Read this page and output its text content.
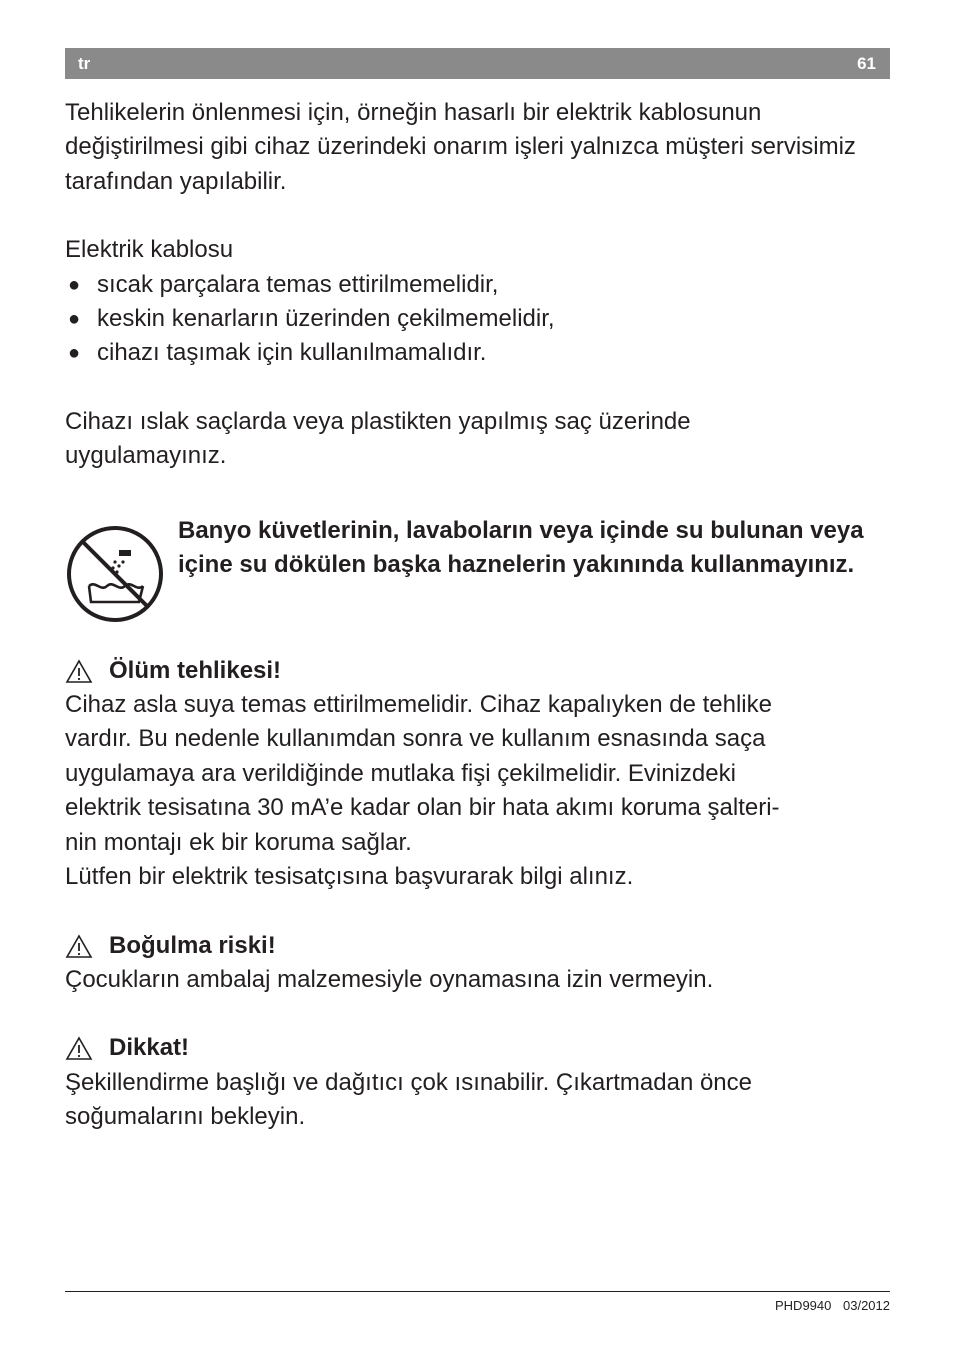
tr	61

Tehlikelerin önlenmesi için, örneğin hasarlı bir elektrik kablosunun değiştirilmesi gibi cihaz üzerindeki onarım işleri yalnızca müşteri servisimiz tarafından yapılabilir.

Elektrik kablosu

● sıcak parçalara temas ettirilmemelidir,
● keskin kenarların üzerinden çekilmemelidir,
● cihazı taşımak için kullanılmamalıdır.

Cihazı ıslak saçlarda veya plastikten yapılmış saç üzerinde uygulamayınız.

Banyo küvetlerinin, lavaboların veya içinde su bulunan veya içine su dökülen başka haznelerin yakınında kullanmayınız.
Ölüm tehlikesi!

Cihaz asla suya temas ettirilmemelidir. Cihaz kapalıyken de tehlike

vardır. Bu nedenle kullanımdan sonra ve kullanım esnasında saça

uygulamaya ara verildiğinde mutlaka fişi çekilmelidir. Evinizdeki

elektrik tesisatına 30 mA’e kadar olan bir hata akımı koruma şalteri-

nin montajı ek bir koruma sağlar.

Lütfen bir elektrik tesisatçısına başvurarak bilgi alınız.

Boğulma riski!

Çocukların ambalaj malzemesiyle oynamasına izin vermeyin.

Dikkat!

Şekillendirme başlığı ve dağıtıcı çok ısınabilir. Çıkartmadan önce

soğumalarını bekleyin.

PHD9940 03/2012
